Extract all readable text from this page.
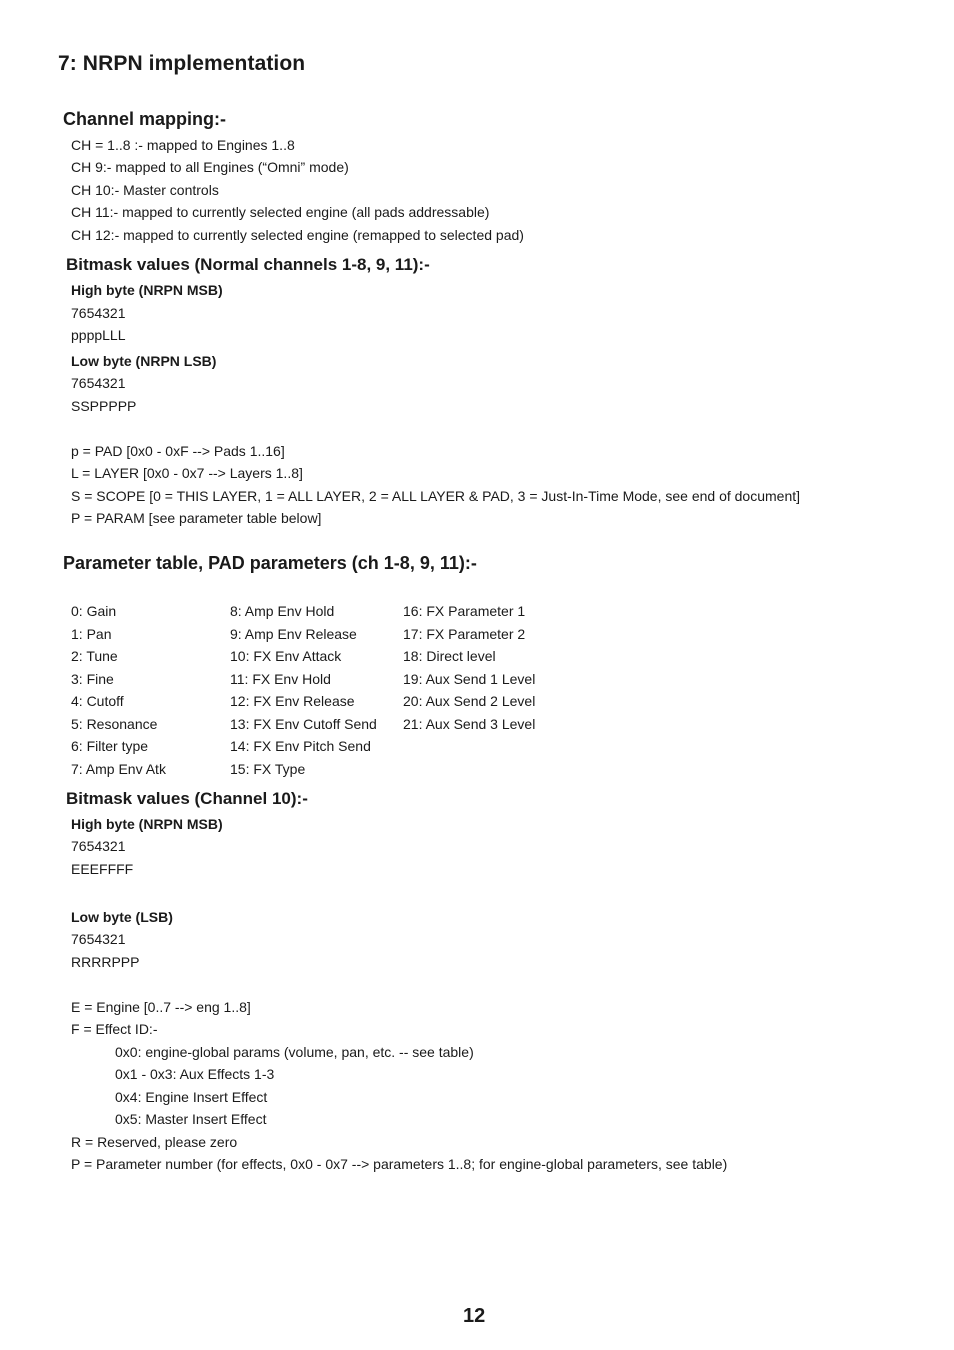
7: NRPN implementation
Channel mapping:-
CH = 1..8 :- mapped to Engines 1..8
CH 9:- mapped to all Engines (“Omni” mode)
CH 10:- Master controls
CH 11:- mapped to currently selected engine (all pads addressable)
CH 12:- mapped to currently selected engine (remapped to selected pad)
Bitmask values (Normal channels 1-8, 9, 11):-
High byte (NRPN MSB)
7654321
ppppLLL
Low byte (NRPN LSB)
7654321
SSPPPPP
p = PAD [0x0 - 0xF --> Pads 1..16]
L = LAYER [0x0 - 0x7 --> Layers 1..8]
S = SCOPE [0 = THIS LAYER, 1 = ALL LAYER, 2 = ALL LAYER & PAD, 3 = Just-In-Time Mode, see end of document]
P = PARAM [see parameter table below]
Parameter table, PAD parameters (ch 1-8, 9, 11):-
0: Gain
1: Pan
2: Tune
3: Fine
4: Cutoff
5: Resonance
6: Filter type
7: Amp Env Atk
8: Amp Env Hold
9: Amp Env Release
10: FX Env Attack
11: FX Env Hold
12: FX Env Release
13: FX Env Cutoff Send
14: FX Env Pitch Send
15: FX Type
16: FX Parameter 1
17: FX Parameter 2
18: Direct level
19: Aux Send 1 Level
20: Aux Send 2 Level
21: Aux Send 3 Level
Bitmask values (Channel 10):-
High byte (NRPN MSB)
7654321
EEEFFFF
Low byte (LSB)
7654321
RRRRPPP
E = Engine [0..7 --> eng 1..8]
F = Effect ID:-
0x0: engine-global params (volume, pan, etc. -- see table)
0x1 - 0x3: Aux Effects 1-3
0x4: Engine Insert Effect
0x5: Master Insert Effect
R = Reserved, please zero
P = Parameter number (for effects, 0x0 - 0x7 --> parameters 1..8; for engine-global parameters, see table)
12
